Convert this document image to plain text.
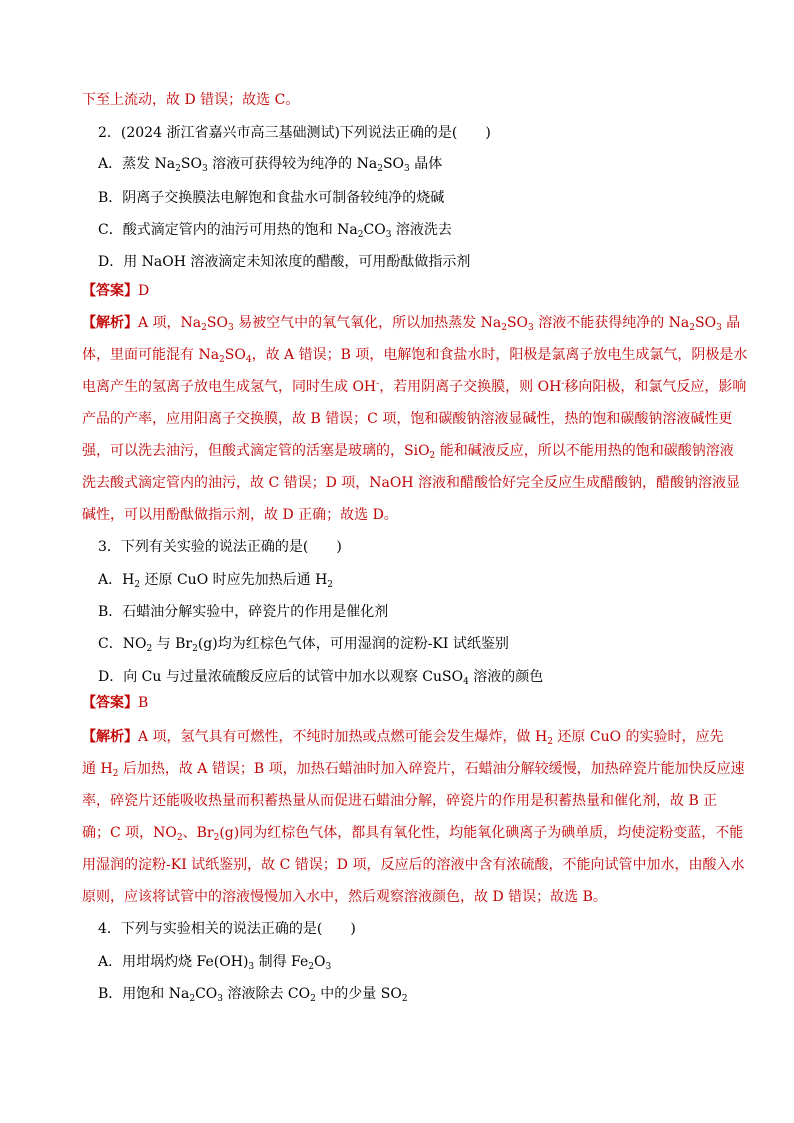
下至上流动，故 D 错误；故选 C。
2．(2024 浙江省嘉兴市高三基础测试)下列说法正确的是(　　)
A．蒸发 $Na_2SO_3$ 溶液可获得较为纯净的 $Na_2SO_3$ 晶体
B．阴离子交换膜法电解饱和食盐水可制备较纯净的烧碱
C．酸式滴定管内的油污可用热的饱和 $Na_2CO_3$ 溶液洗去
D．用 NaOH 溶液滴定未知浓度的醋酸，可用酚酞做指示剂
【答案】D
【解析】A 项，$Na_2SO_3$ 易被空气中的氧气氧化，所以加热蒸发 $Na_2SO_3$ 溶液不能获得纯净的 $Na_2SO_3$ 晶
体，里面可能混有 $Na_2SO_4$，故 A 错误；B 项，电解饱和食盐水时，阳极是氯离子放电生成氯气，阴极是水
电离产生的氢离子放电生成氢气，同时生成 OH-，若用阴离子交换膜，则 OH-移向阳极，和氯气反应，影响
产品的产率，应用阳离子交换膜，故 B 错误；C 项，饱和碳酸钠溶液显碱性，热的饱和碳酸钠溶液碱性更
强，可以洗去油污，但酸式滴定管的活塞是玻璃的，SiO$_2$ 能和碱液反应，所以不能用热的饱和碳酸钠溶液
洗去酸式滴定管内的油污，故 C 错误；D 项，NaOH 溶液和醋酸恰好完全反应生成醋酸钠，醋酸钠溶液显
碱性，可以用酚酞做指示剂，故 D 正确；故选 D。
3．下列有关实验的说法正确的是(　　)
A．$H_2$ 还原 CuO 时应先加热后通 $H_2$
B．石蜡油分解实验中，碎瓷片的作用是催化剂
C．$NO_2$ 与 $Br_2(g)$均为红棕色气体，可用湿润的淀粉-KI 试纸鉴别
D．向 Cu 与过量浓硫酸反应后的试管中加水以观察 CuSO$_4$ 溶液的颜色
【答案】B
【解析】A 项，氢气具有可燃性，不纯时加热或点燃可能会发生爆炸，做 $H_2$ 还原 CuO 的实验时，应先
通 $H_2$ 后加热，故 A 错误；B 项，加热石蜡油时加入碎瓷片，石蜡油分解较缓慢，加热碎瓷片能加快反应速
率，碎瓷片还能吸收热量而积蓄热量从而促进石蜡油分解，碎瓷片的作用是积蓄热量和催化剂，故 B 正
确；C 项，$NO_2$、$Br_2(g)$同为红棕色气体，都具有氧化性，均能氧化碘离子为碘单质，均使淀粉变蓝，不能
用湿润的淀粉-KI 试纸鉴别，故 C 错误；D 项，反应后的溶液中含有浓硫酸，不能向试管中加水，由酸入水
原则，应该将试管中的溶液慢慢加入水中，然后观察溶液颜色，故 D 错误；故选 B。
4．下列与实验相关的说法正确的是(　　)
A．用坩埚灼烧 $Fe(OH)_3$ 制得 $Fe_2O_3$
B．用饱和 $Na_2CO_3$ 溶液除去 $CO_2$ 中的少量 $SO_2$
